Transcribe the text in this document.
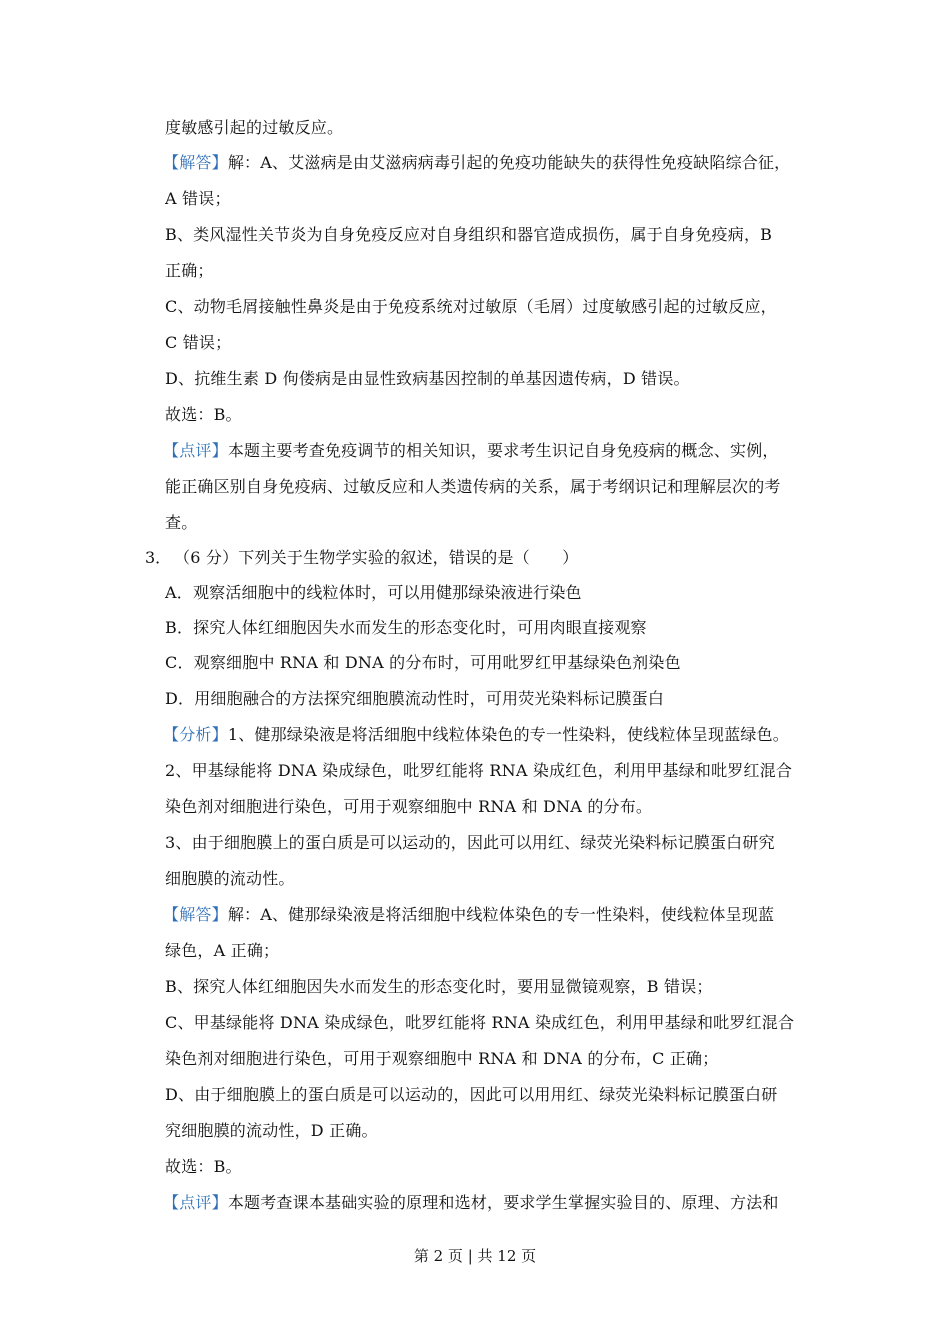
度敏感引起的过敏反应。
【解答】解：A、艾滋病是由艾滋病病毒引起的免疫功能缺失的获得性免疫缺陷综合征，
A 错误；
B、类风湿性关节炎为自身免疫反应对自身组织和器官造成损伤，属于自身免疫病，B
正确；
C、动物毛屑接触性鼻炎是由于免疫系统对过敏原（毛屑）过度敏感引起的过敏反应，
C 错误；
D、抗维生素 D 佝偻病是由显性致病基因控制的单基因遗传病，D 错误。
故选：B。
【点评】本题主要考查免疫调节的相关知识，要求考生识记自身免疫病的概念、实例，
能正确区别自身免疫病、过敏反应和人类遗传病的关系，属于考纲识记和理解层次的考
查。
3． （6 分）下列关于生物学实验的叙述，错误的是（　　）
A．观察活细胞中的线粒体时，可以用健那绿染液进行染色
B．探究人体红细胞因失水而发生的形态变化时，可用肉眼直接观察
C．观察细胞中 RNA 和 DNA 的分布时，可用吡罗红甲基绿染色剂染色
D．用细胞融合的方法探究细胞膜流动性时，可用荧光染料标记膜蛋白
【分析】1、健那绿染液是将活细胞中线粒体染色的专一性染料，使线粒体呈现蓝绿色。
2、甲基绿能将 DNA 染成绿色，吡罗红能将 RNA 染成红色，利用甲基绿和吡罗红混合
染色剂对细胞进行染色，可用于观察细胞中 RNA 和 DNA 的分布。
3、由于细胞膜上的蛋白质是可以运动的，因此可以用红、绿荧光染料标记膜蛋白研究
细胞膜的流动性。
【解答】解：A、健那绿染液是将活细胞中线粒体染色的专一性染料，使线粒体呈现蓝
绿色，A 正确；
B、探究人体红细胞因失水而发生的形态变化时，要用显微镜观察，B 错误；
C、甲基绿能将 DNA 染成绿色，吡罗红能将 RNA 染成红色，利用甲基绿和吡罗红混合
染色剂对细胞进行染色，可用于观察细胞中 RNA 和 DNA 的分布，C 正确；
D、由于细胞膜上的蛋白质是可以运动的，因此可以用用红、绿荧光染料标记膜蛋白研
究细胞膜的流动性，D 正确。
故选：B。
【点评】本题考查课本基础实验的原理和选材，要求学生掌握实验目的、原理、方法和
第 2 页 | 共 12 页
